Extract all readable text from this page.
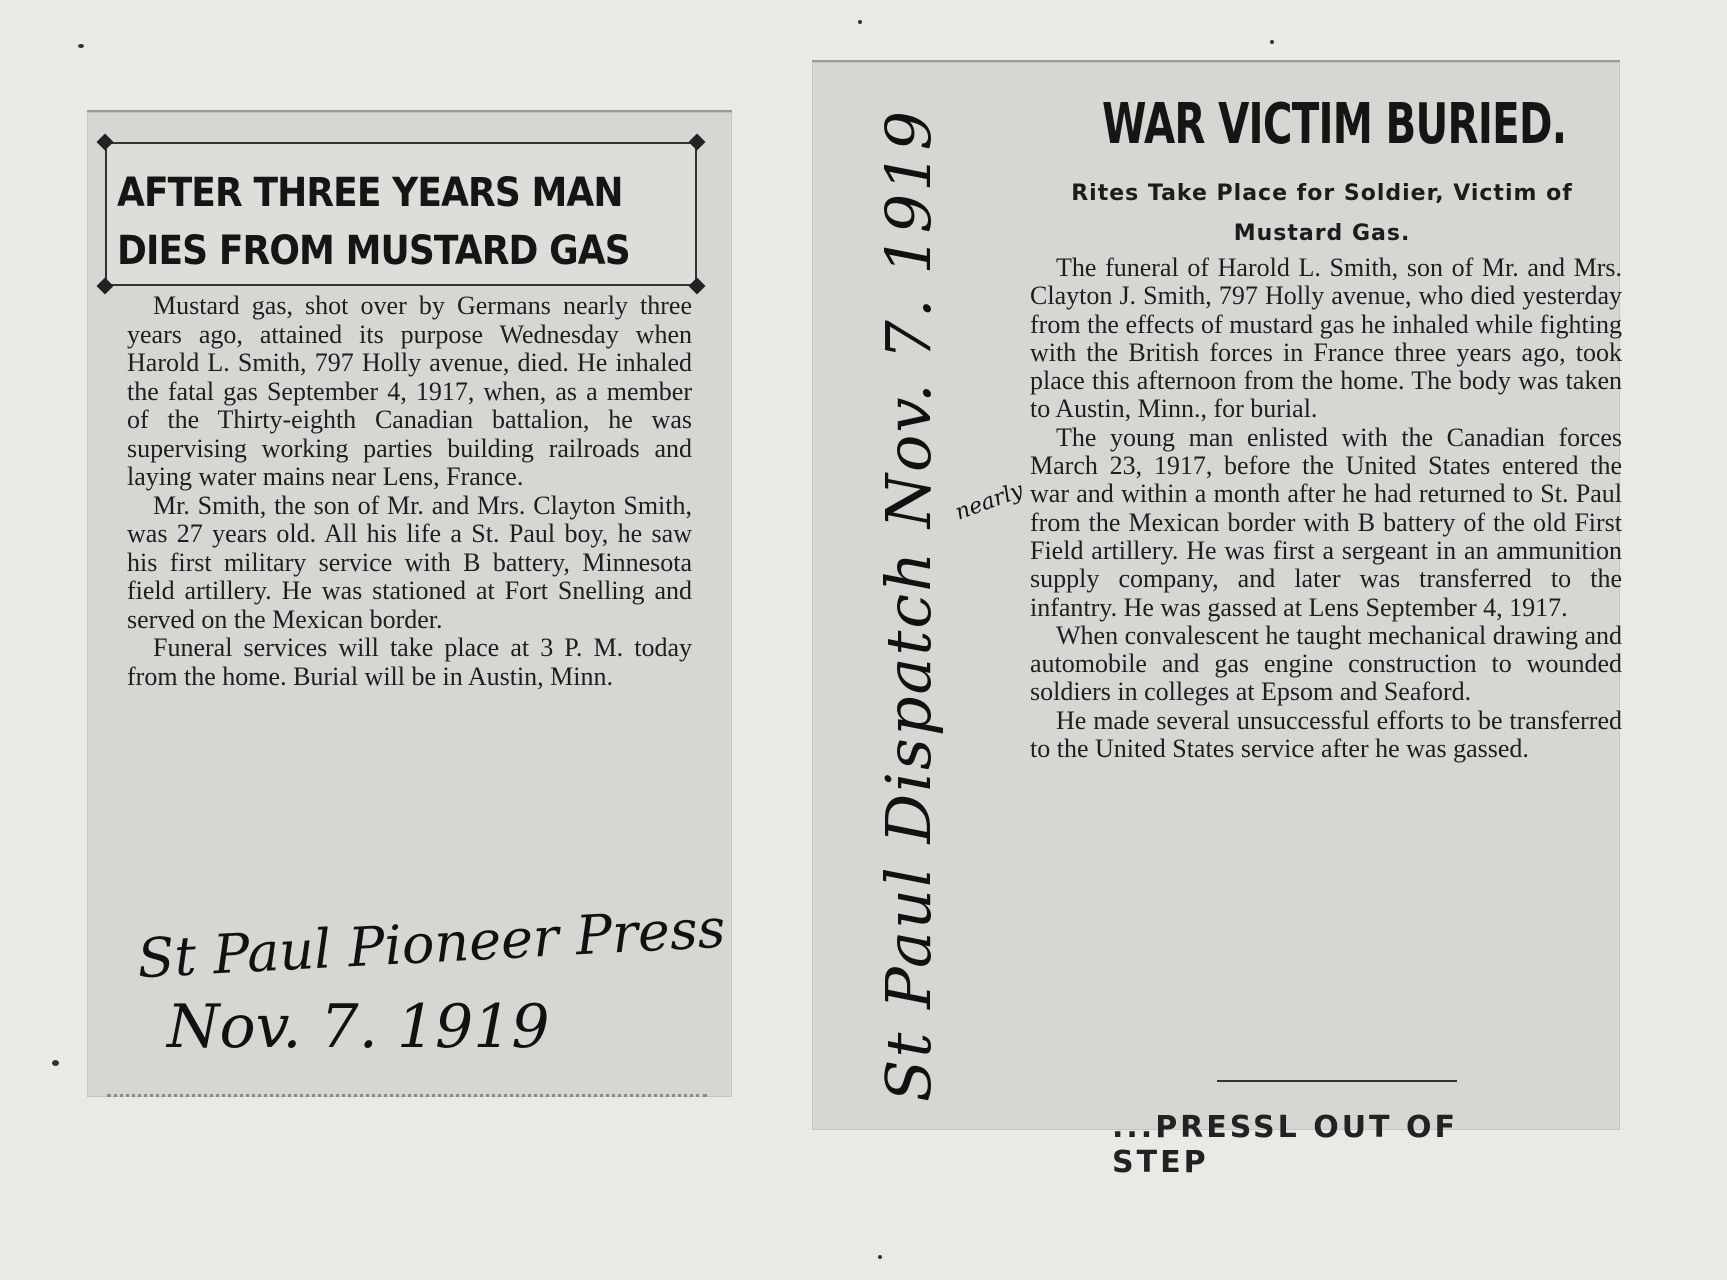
AFTER THREE YEARS MAN
DIES FROM MUSTARD GAS

Mustard gas, shot over by Germans nearly three years ago, attained its purpose Wednesday when Harold L. Smith, 797 Holly avenue, died. He inhaled the fatal gas September 4, 1917, when, as a member of the Thirty-eighth Canadian battalion, he was supervising working parties building railroads and laying water mains near Lens, France.

Mr. Smith, the son of Mr. and Mrs. Clayton Smith, was 27 years old. All his life a St. Paul boy, he saw his first military service with B battery, Minnesota field artillery. He was stationed at Fort Snelling and served on the Mexican border.

Funeral services will take place at 3 P. M. today from the home. Burial will be in Austin, Minn.

St Paul Pioneer Press
Nov. 7. 1919
WAR VICTIM BURIED.
Rites Take Place for Soldier, Victim of Mustard Gas.

The funeral of Harold L. Smith, son of Mr. and Mrs. Clayton J. Smith, 797 Holly avenue, who died yesterday from the effects of mustard gas he inhaled while fighting with the British forces in France three years ago, took place this afternoon from the home. The body was taken to Austin, Minn., for burial.

The young man enlisted with the Canadian forces March 23, 1917, before the United States entered the war and within a month after he had returned to St. Paul from the Mexican border with B battery of the old First Field artillery. He was first a sergeant in an ammunition supply company, and later was transferred to the infantry. He was gassed at Lens September 4, 1917.

When convalescent he taught mechanical drawing and automobile and gas engine construction to wounded soldiers in colleges at Epsom and Seaford.

He made several unsuccessful efforts to be transferred to the United States service after he was gassed.

...PRESSL OUT OF STEP
St Paul Dispatch Nov. 7. 1919 nearly
